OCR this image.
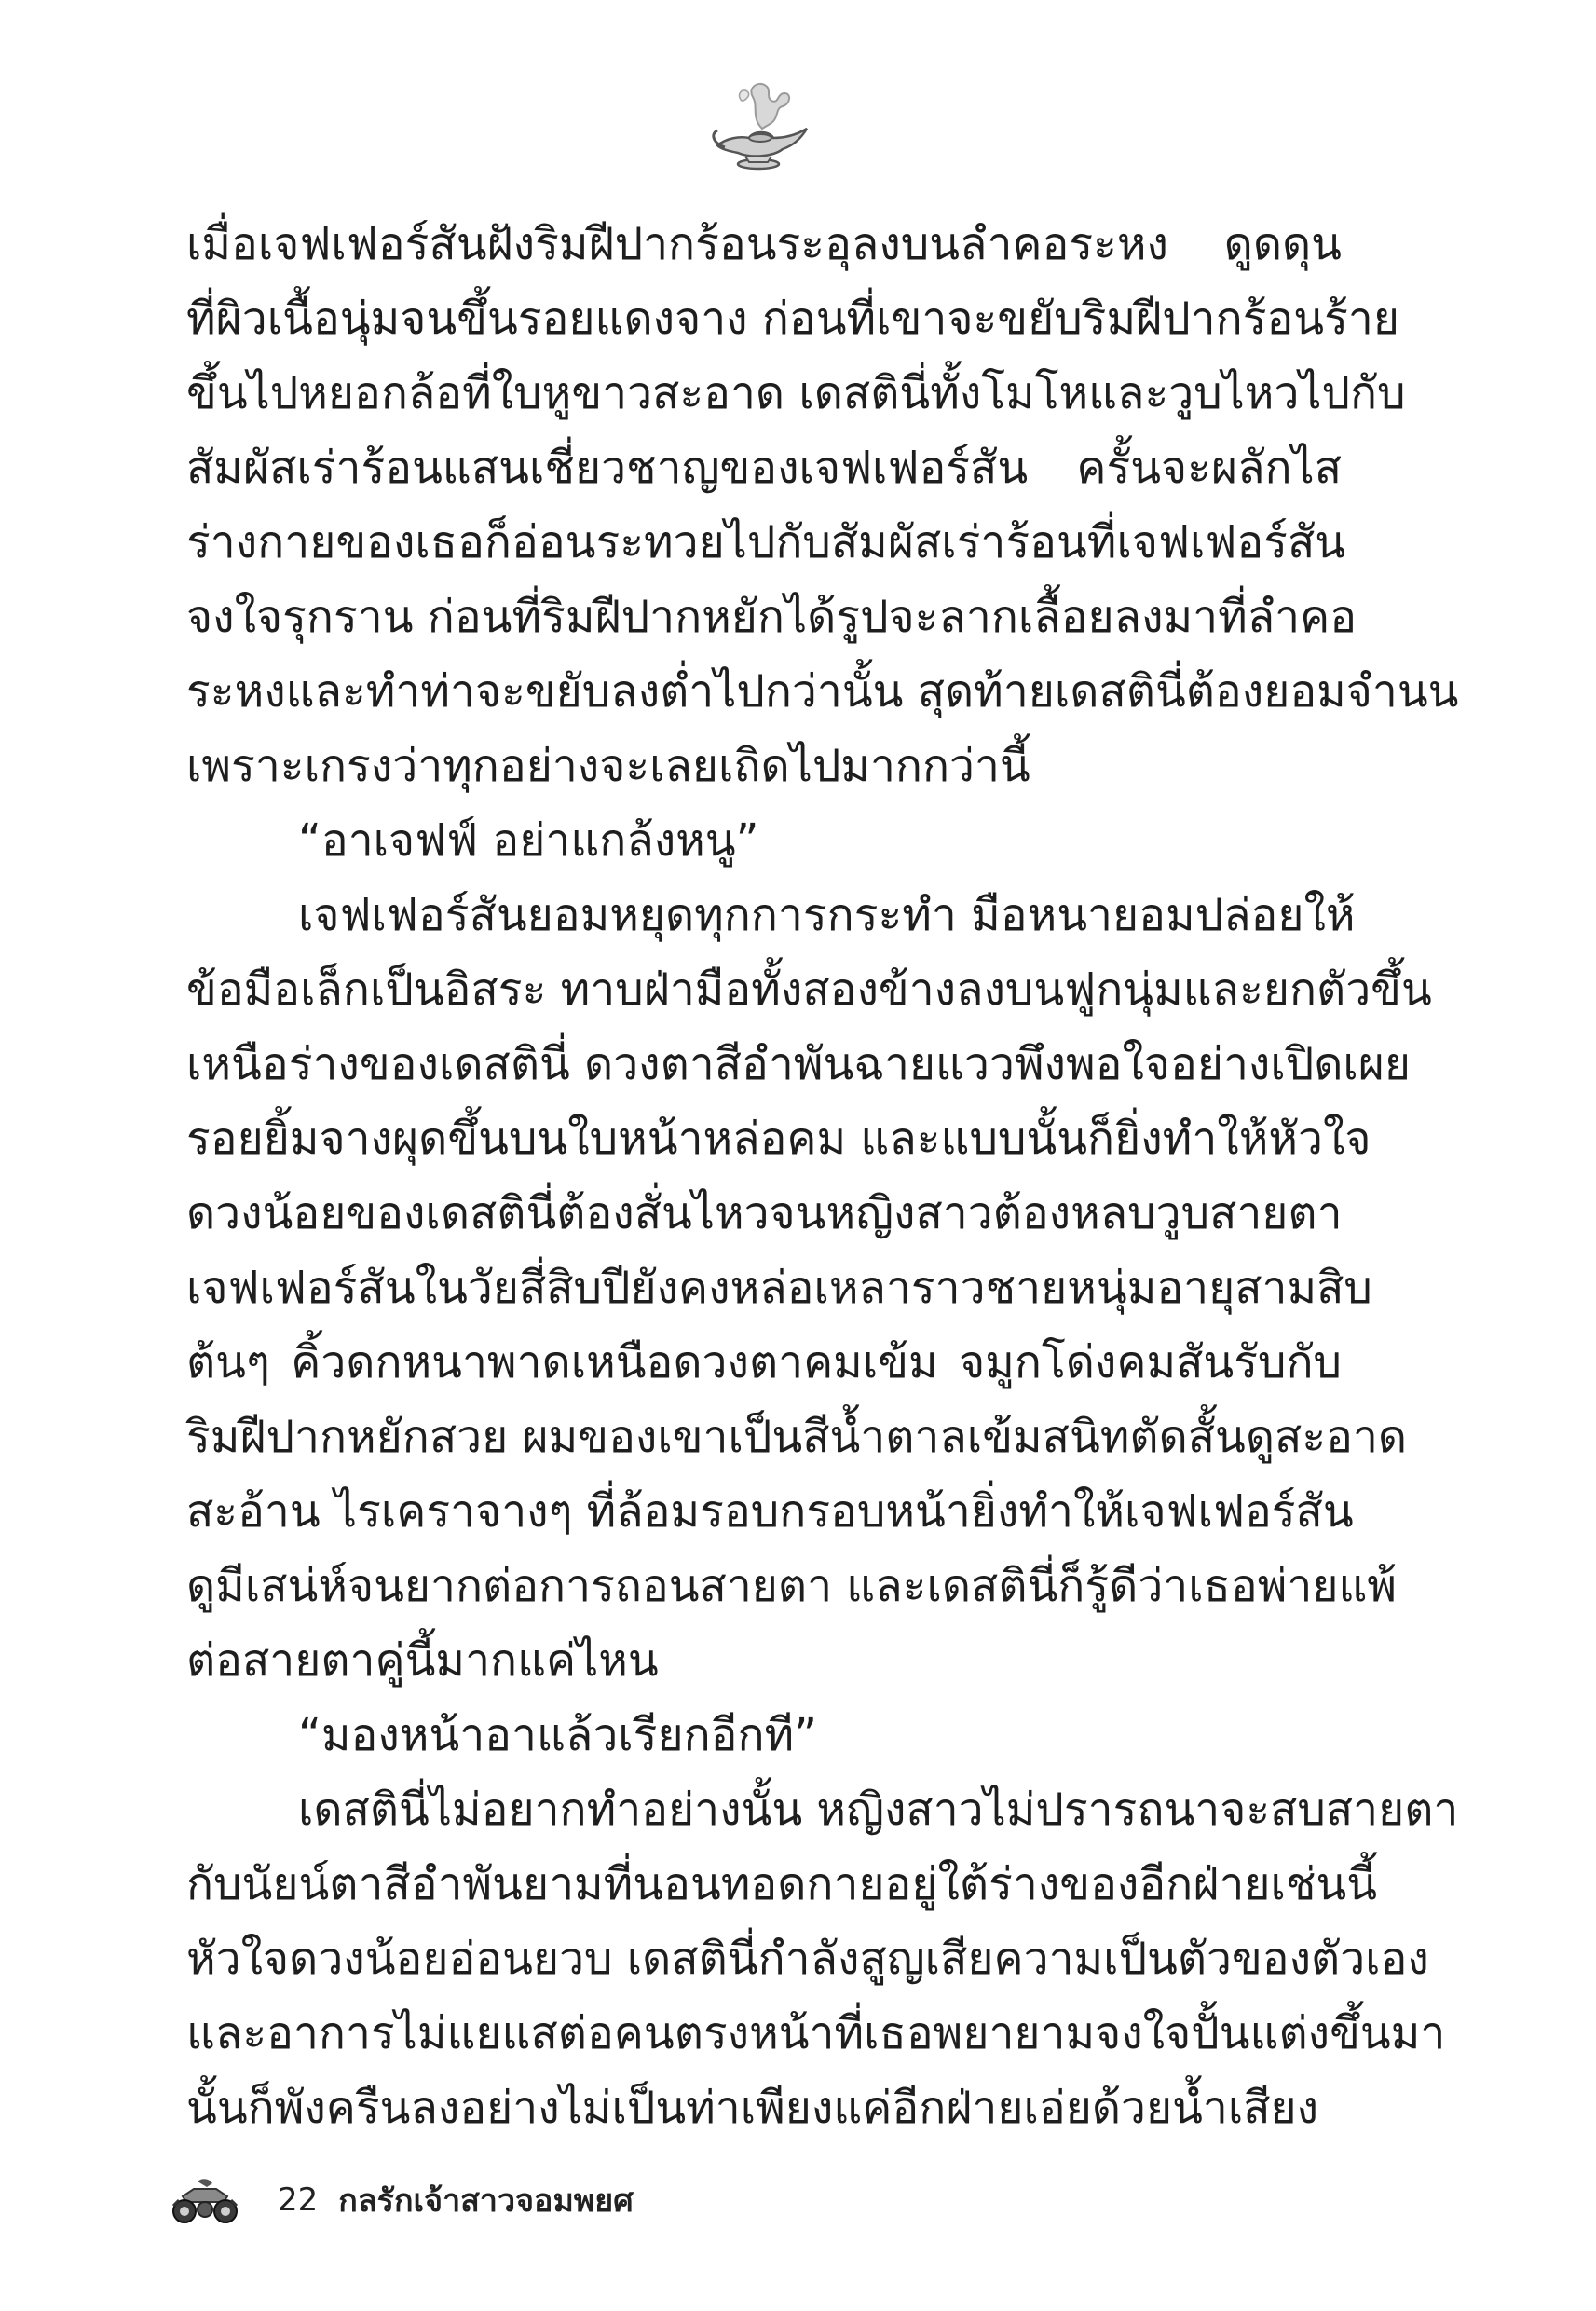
เมื่อเจฟเฟอร์สันฝังริมฝีปากร้อนระอุลงบนลำคอระหง ดูดดุน
ที่ผิวเนื้อนุ่มจนขึ้นรอยแดงจาง ก่อนที่เขาจะขยับริมฝีปากร้อนร้าย
ขึ้นไปหยอกล้อที่ใบหูขาวสะอาด เดสตินี่ทั้งโมโหและวูบไหวไปกับ
สัมผัสเร่าร้อนแสนเชี่ยวชาญของเจฟเฟอร์สัน ครั้นจะผลักไส
ร่างกายของเธอก็อ่อนระทวยไปกับสัมผัสเร่าร้อนที่เจฟเฟอร์สัน
จงใจรุกราน ก่อนที่ริมฝีปากหยักได้รูปจะลากเลื้อยลงมาที่ลำคอ
ระหงและทำท่าจะขยับลงต่ำไปกว่านั้น สุดท้ายเดสตินี่ต้องยอมจำนน
เพราะเกรงว่าทุกอย่างจะเลยเถิดไปมากกว่านี้
“อาเจฟฟ์ อย่าแกล้งหนู”
เจฟเฟอร์สันยอมหยุดทุกการกระทำ มือหนายอมปล่อยให้
ข้อมือเล็กเป็นอิสระ ทาบฝ่ามือทั้งสองข้างลงบนฟูกนุ่มและยกตัวขึ้น
เหนือร่างของเดสตินี่ ดวงตาสีอำพันฉายแววพึงพอใจอย่างเปิดเผย
รอยยิ้มจางผุดขึ้นบนใบหน้าหล่อคม และแบบนั้นก็ยิ่งทำให้หัวใจ
ดวงน้อยของเดสตินี่ต้องสั่นไหวจนหญิงสาวต้องหลบวูบสายตา
เจฟเฟอร์สันในวัยสี่สิบปียังคงหล่อเหลาราวชายหนุ่มอายุสามสิบ
ต้นๆ คิ้วดกหนาพาดเหนือดวงตาคมเข้ม จมูกโด่งคมสันรับกับ
ริมฝีปากหยักสวย ผมของเขาเป็นสีน้ำตาลเข้มสนิทตัดสั้นดูสะอาด
สะอ้าน ไรเคราจางๆ ที่ล้อมรอบกรอบหน้ายิ่งทำให้เจฟเฟอร์สัน
ดูมีเสน่ห์จนยากต่อการถอนสายตา และเดสตินี่ก็รู้ดีว่าเธอพ่ายแพ้
ต่อสายตาคู่นี้มากแค่ไหน
“มองหน้าอาแล้วเรียกอีกที”
เดสตินี่ไม่อยากทำอย่างนั้น หญิงสาวไม่ปรารถนาจะสบสายตา
กับนัยน์ตาสีอำพันยามที่นอนทอดกายอยู่ใต้ร่างของอีกฝ่ายเช่นนี้
หัวใจดวงน้อยอ่อนยวบ เดสตินี่กำลังสูญเสียความเป็นตัวของตัวเอง
และอาการไม่แยแสต่อคนตรงหน้าที่เธอพยายามจงใจปั้นแต่งขึ้นมา
นั้นก็พังครืนลงอย่างไม่เป็นท่าเพียงแค่อีกฝ่ายเอ่ยด้วยน้ำเสียง
22 กลรักเจ้าสาวจอมพยศ
